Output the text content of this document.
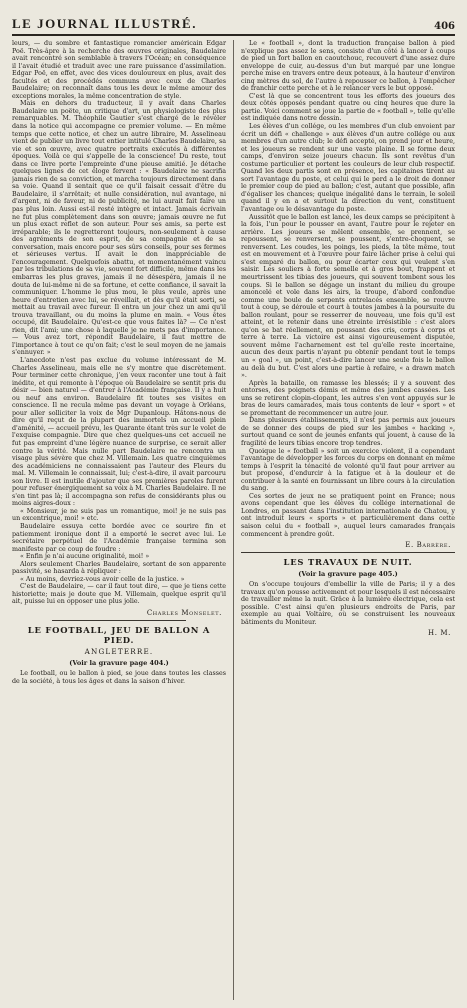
LE JOURNAL ILLUSTRÉ.	406

leurs, — du sombre et fantastique romancier américain Edgar Poë. Très-âpre à la recherche des œuvres originales, Baudelaire avait rencontré son semblable à travers l'Océan; en conséquence il l'avait étudié et traduit avec une rare puissance d'assimilation. Edgar Poë, en effet, avec des vices douloureux en plus, avait des facultés et des procédés communs avec ceux de Charles Baudelaire; on reconnaît dans tous les deux le même amour des exceptions morales, la même concentration de style.

Mais en dehors du traducteur, il y avait dans Charles Baudelaire un poëte, un critique d'art, un physiologiste des plus remarquables. M. Théophile Gautier s'est chargé de le révéler dans la notice qui accompagne ce premier volume. — En même temps que cette notice, et chez un autre libraire, M. Asselineau vient de publier un livre tout entier intitulé Charles Baudelaire, sa vie et son œuvre, avec quatre portraits exécutés à différentes époques. Voilà ce qui s'appelle de la conscience! Du reste, tout dans ce livre porte l'empreinte d'une pieuse amitié. Je détache quelques lignes de cet éloge fervent : « Baudelaire ne sacrifia jamais rien de sa conviction, et marcha toujours directement dans sa voie. Quand il sentait que ce qu'il faisait cessait d'être du Baudelaire, il s'arrêtait; et nulle considération, nul avantage, ni d'argent, ni de faveur, ni de publicité, ne lui aurait fait faire un pas plus loin. Aussi est-il resté intègre et intact. Jamais écrivain ne fut plus complètement dans son œuvre; jamais œuvre ne fut un plus exact reflet de son auteur. Pour ses amis, sa perte est irréparable; ils le regretteront toujours, non-seulement à cause des agréments de son esprit, de sa compagnie et de sa conversation, mais encore pour ses sûrs conseils, pour ses fermes et sérieuses vertus. Il avait le don inappréciable de l'encouragement. Quelquefois abattu, et momentanément vaincu par les tribulations de sa vie, souvent fort difficile, même dans les embarras les plus graves, jamais il ne désespéra, jamais il ne douta de lui-même ni de sa fortune, et cette confiance, il savait la communiquer. L'homme le plus mou, le plus veule, après une heure d'entretien avec lui, se réveillait, et dès qu'il était sorti, se mettait au travail avec fureur. Il entra un jour chez un ami qu'il trouva travaillant, ou du moins la plume en main. « Vous êtes occupé, dit Baudelaire. Qu'est-ce que vous faites là? — Ce n'est rien, dit l'ami; une chose à laquelle je ne mets pas d'importance. — Vous avez tort, répondit Baudelaire, il faut mettre de l'importance à tout ce qu'on fait; c'est le seul moyen de ne jamais s'ennuyer. »

L'anecdote n'est pas exclue du volume intéressant de M. Charles Asselineau, mais elle ne s'y montre que discrètement. Pour terminer cette chronique, j'en veux raconter une tout à fait inédite, et qui remonte à l'époque où Baudelaire se sentit pris du désir — bien naturel — d'entrer à l'Académie française. Il y a huit ou neuf ans environ. Baudelaire fit toutes ses visites en conscience. Il ne recula même pas devant un voyage à Orléans, pour aller solliciter la voix de Mgr Dupanloup. Hâtons-nous de dire qu'il reçut de la plupart des immortels un accueil plein d'aménité, — accueil prévu, les Quarante étant très sur le volet de l'exquise compagnie. Dire que chez quelques-uns cet accueil ne fut pas empreint d'une légère nuance de surprise, ce serait aller contre la vérité. Mais nulle part Baudelaire ne rencontra un visage plus sévère que chez M. Villemain. Les quatre cinquièmes des académiciens ne connaissaient pas l'auteur des Fleurs du mal. M. Villemain le connaissait, lui; c'est-à-dire, il avait parcouru son livre. Il est inutile d'ajouter que ses premières paroles furent pour refuser énergiquement sa voix à M. Charles Baudelaire. Il ne s'en tint pas là; il accompagna son refus de considérants plus ou moins aigres-doux :

« Monsieur, je ne suis pas un romantique, moi! je ne suis pas un excentrique, moi! » etc.

Baudelaire essuya cette bordée avec ce sourire fin et patiemment ironique dont il a emporté le secret avec lui. Le secrétaire perpétuel de l'Académie française termina son manifeste par ce coup de foudre :

« Enfin je n'ai aucune originalité, moi! »

Alors seulement Charles Baudelaire, sortant de son apparente passivité, se hasarda à répliquer :

« Au moins, devriez-vous avoir celle de la justice. »

C'est de Baudelaire, — car il faut tout dire, — que je tiens cette historiette; mais je doute que M. Villemain, quelque esprit qu'il ait, puisse lui en opposer une plus jolie.

Charles Monselet.
LE FOOTBALL, JEU DE BALLON A PIED.
ANGLETERRE.
(Voir la gravure page 404.)

Le football, ou le ballon à pied, se joue dans toutes les classes de la société, à tous les âges et dans la saison d'hiver.

Le « football », dont la traduction française ballon à pied n'explique pas assez le sens, consiste d'un côté à lancer à coups de pied un fort ballon en caoutchouc, recouvert d'une assez dure enveloppe de cuir, au-dessus d'un but marqué par une longue perche mise en travers entre deux poteaux, à la hauteur d'environ cinq mètres du sol, de l'autre à repousser ce ballon, à l'empêcher de franchir cette perche et à le relancer vers le but opposé.

C'est là que se concentrent tous les efforts des joueurs des deux côtés opposés pendant quatre ou cinq heures que dure la partie. Voici comment se joue la partie de « football », telle qu'elle est indiquée dans notre dessin.

Les élèves d'un collége, ou les membres d'un club envoient par écrit un défi « challenge » aux élèves d'un autre collége ou aux membres d'un autre club; le défi accepté, on prend jour et heure, et les joueurs se rendent sur une vaste plaine. Il se forme deux camps, d'environ seize joueurs chacun. Ils sont revêtus d'un costume particulier et portent les couleurs de leur club respectif. Quand les deux partis sont en présence, les capitaines tirent au sort l'avantage du poste, et celui qui le perd a le droit de donner le premier coup de pied au ballon; c'est, autant que possible, afin d'égaliser les chances; quelque inégalité dans le terrain, le soleil quand il y en a et surtout la direction du vent, constituent l'avantage ou le désavantage du poste.

Aussitôt que le ballon est lancé, les deux camps se précipitent à la fois, l'un pour le pousser en avant, l'autre pour le rejeter en arrière. Les joueurs se mêlent ensemble, se prennent, se repoussent, se renversent, se poussent, s'entre-choquent, se renversent. Les coudes, les poings, les pieds, la tête même, tout est en mouvement et à l'œuvre pour faire lâcher prise à celui qui s'est emparé du ballon, ou pour écarter ceux qui veulent s'en saisir. Les souliers à forte semelle et à gros bout, frappent et meurtrissent les tibias des joueurs, qui souvent tombent sous les coups. Si le ballon se dégage un instant du milieu du groupe amoncelé et vole dans les airs, la troupe, d'abord confondue comme une boule de serpents entrelacés ensemble, se rouvre tout à coup, se déroule et court à toutes jambes à la poursuite du ballon roulant, pour se resserrer de nouveau, une fois qu'il est atteint, et le retenir dans une étreinte irrésistible : c'est alors qu'on se bat réellement, en poussant des cris, corps à corps et terre à terre. La victoire est ainsi vigoureusement disputée, souvent même l'acharnement est tel qu'elle reste incertaine, aucun des deux partis n'ayant pu obtenir pendant tout le temps un « goal », un point, c'est-à-dire lancer une seule fois le ballon au delà du but. C'est alors une partie à refaire, « a drawn match ».

Après la bataille, on ramasse les blessés; il y a souvent des entorses, des poignets démis et même des jambes cassées. Les uns se retirent clopin-clopant, les autres s'en vont appuyés sur le bras de leurs camarades, mais tous contents de leur « sport » et se promettant de recommencer un autre jour.

Dans plusieurs établissements, il n'est pas permis aux joueurs de se donner des coups de pied sur les jambes « hacking », surtout quand ce sont de jeunes enfants qui jouent, à cause de la fragilité de leurs tibias encore trop tendres.

Quoique le « football » soit un exercice violent, il a cependant l'avantage de développer les forces du corps en donnant en même temps à l'esprit la ténacité de volonté qu'il faut pour arriver au but proposé, d'endurcir à la fatigue et à la douleur et de contribuer à la santé en fournissant un libre cours à la circulation du sang.

Ces sortes de jeux ne se pratiquent point en France; nous avons cependant que les élèves du collége international de Londres, en passant dans l'institution internationale de Chatou, y ont introduit leurs « sports » et particulièrement dans cette saison celui du « football », auquel leurs camarades français commencent à prendre goût.

E. Barrère.
LES TRAVAUX DE NUIT.
(Voir la gravure page 405.)

On s'occupe toujours d'embellir la ville de Paris; il y a des travaux qu'on pousse activement et pour lesquels il est nécessaire de travailler même la nuit. Grâce à la lumière électrique, cela est possible. C'est ainsi qu'en plusieurs endroits de Paris, par exemple au quai Voltaire, où se construisent les nouveaux bâtiments du Moniteur.

H. M.
